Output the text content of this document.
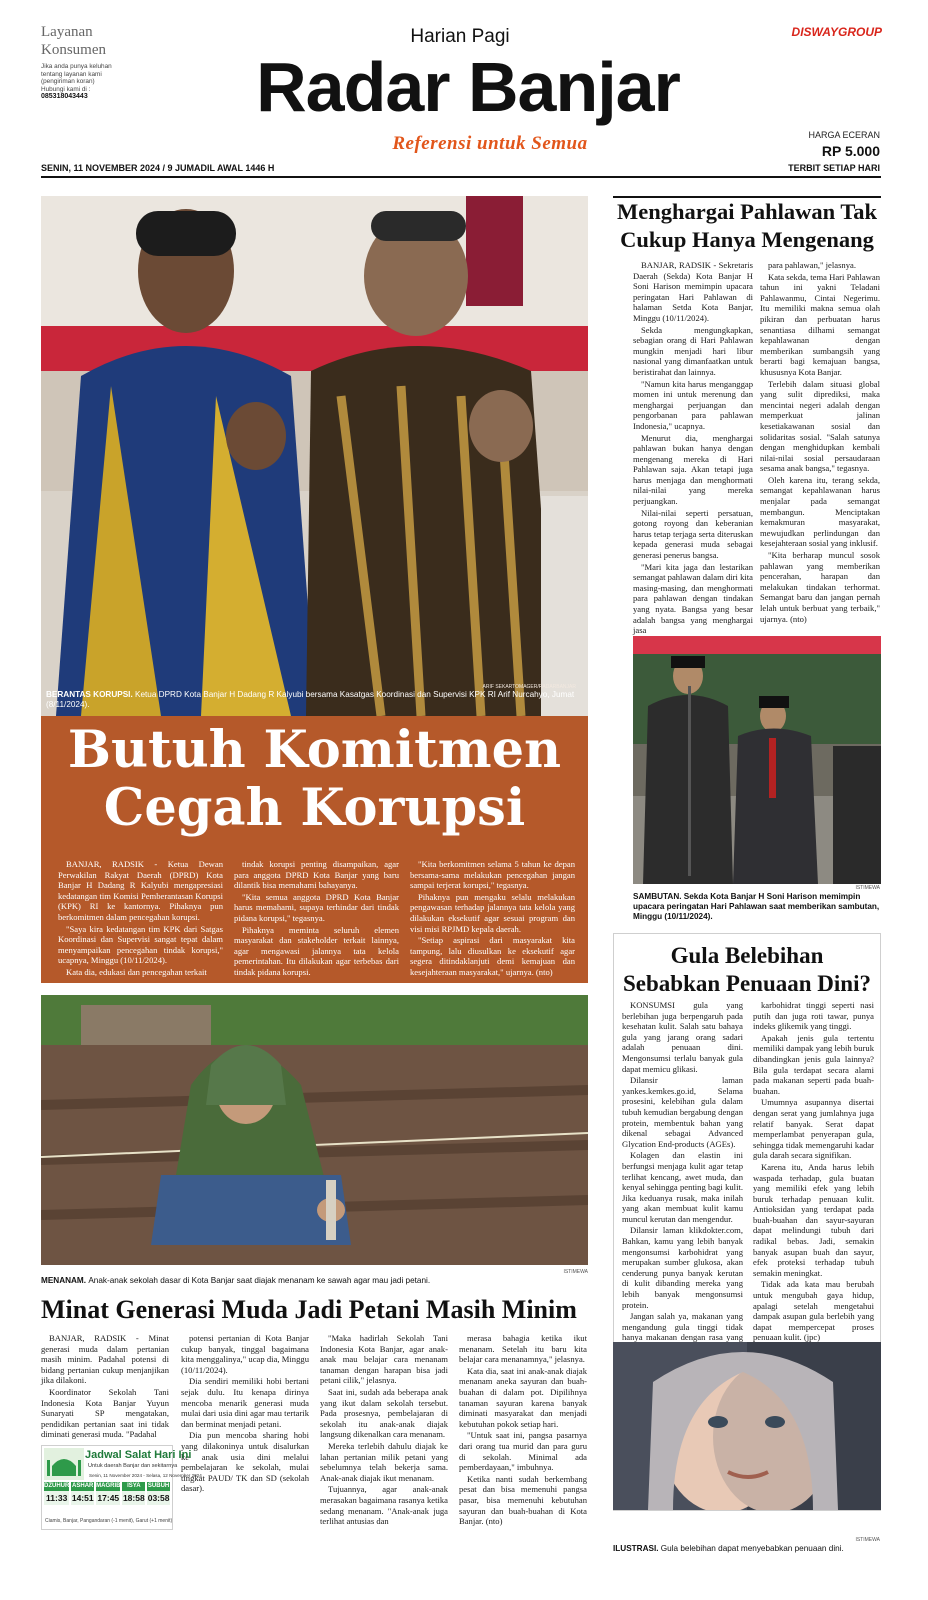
Layanan Konsumen
Jika anda punya keluhan tentang layanan kami (pengiriman koran)
Hubungi kami di :
085318043443
Harian Pagi
Radar Banjar
Referensi untuk Semua
DISWAYGROUP
HARGA ECERAN
RP 5.000
SENIN, 11 NOVEMBER 2024 / 9 JUMADIL AWAL 1446 H	TERBIT SETIAP HARI
ARIF SEKARTOMAGER/RADARBANJAR
BERANTAS KORUPSI. Ketua DPRD Kota Banjar H Dadang R Kalyubi bersama Kasatgas Koordinasi dan Supervisi KPK RI Arif Nurcahyo, Jumat (8/11/2024).
Butuh Komitmen
Cegah Korupsi

BANJAR, RADSIK - Ketua Dewan Perwakilan Rakyat Daerah (DPRD) Kota Banjar H Dadang R Kalyubi mengapresiasi kedatangan tim Komisi Pemberantasan Korupsi (KPK) RI ke kantornya. Pihaknya pun berkomitmen dalam pencegahan korupsi.

"Saya kira kedatangan tim KPK dari Satgas Koordinasi dan Supervisi sangat tepat dalam menyampaikan pencegahan tindak korupsi," ucapnya, Minggu (10/11/2024).

Kata dia, edukasi dan pencegahan terkait

tindak korupsi penting disampaikan, agar para anggota DPRD Kota Banjar yang baru dilantik bisa memahami bahayanya.

"Kita semua anggota DPRD Kota Banjar harus memahami, supaya terhindar dari tindak pidana korupsi," tegasnya.

Pihaknya meminta seluruh elemen masyarakat dan stakeholder terkait lainnya, agar mengawasi jalannya tata kelola pemerintahan. Itu dilakukan agar terbebas dari tindak pidana korupsi.

"Kita berkomitmen selama 5 tahun ke depan bersama-sama melakukan pencegahan jangan sampai terjerat korupsi," tegasnya.

Pihaknya pun mengaku selalu melakukan pengawasan terhadap jalannya tata kelola yang dilakukan eksekutif agar sesuai program dan visi misi RPJMD kepala daerah.

"Setiap aspirasi dari masyarakat kita tampung, lalu diusulkan ke eksekutif agar segera ditindaklanjuti demi kemajuan dan kesejahteraan masyarakat," ujarnya. (nto)

Menghargai Pahlawan Tak
Cukup Hanya Mengenang

BANJAR, RADSIK - Sekretaris Daerah (Sekda) Kota Banjar H Soni Harison memimpin upacara peringatan Hari Pahlawan di halaman Setda Kota Banjar, Minggu (10/11/2024).

Sekda mengungkapkan, sebagian orang di Hari Pahlawan mungkin menjadi hari libur nasional yang dimanfaatkan untuk beristirahat dan lainnya.

"Namun kita harus menganggap momen ini untuk merenung dan menghargai perjuangan dan pengorbanan para pahlawan Indonesia," ucapnya.

Menurut dia, menghargai pahlawan bukan hanya dengan mengenang mereka di Hari Pahlawan saja. Akan tetapi juga harus menjaga dan menghormati nilai-nilai yang mereka perjuangkan.

Nilai-nilai seperti persatuan, gotong royong dan keberanian harus tetap terjaga serta diteruskan kepada generasi muda sebagai generasi penerus bangsa.

"Mari kita jaga dan lestarikan semangat pahlawan dalam diri kita masing-masing, dan menghormati para pahlawan dengan tindakan yang nyata. Bangsa yang besar adalah bangsa yang menghargai jasa

para pahlawan," jelasnya.

Kata sekda, tema Hari Pahlawan tahun ini yakni Teladani Pahlawanmu, Cintai Negerimu. Itu memiliki makna semua olah pikiran dan perbuatan harus senantiasa dilhami semangat kepahlawanan dengan memberikan sumbangsih yang berarti bagi kemajuan bangsa, khususnya Kota Banjar.

Terlebih dalam situasi global yang sulit diprediksi, maka mencintai negeri adalah dengan memperkuat jalinan kesetiakawanan sosial dan solidaritas sosial. "Salah satunya dengan menghidupkan kembali nilai-nilai sosial persaudaraan sesama anak bangsa," tegasnya.

Oleh karena itu, terang sekda, semangat kepahlawanan harus menjalar pada semangat membangun. Menciptakan kemakmuran masyarakat, mewujudkan perlindungan dan kesejahteraan sosial yang inklusif.

"Kita berharap muncul sosok pahlawan yang memberikan pencerahan, harapan dan melakukan tindakan terhormat. Semangat baru dan jangan pernah lelah untuk berbuat yang terbaik," ujarnya. (nto)

ISTIMEWA
SAMBUTAN. Sekda Kota Banjar H Soni Harison memimpin upacara peringatan Hari Pahlawan saat memberikan sambutan, Minggu (10/11/2024).
ISTIMEWA
MENANAM. Anak-anak sekolah dasar di Kota Banjar saat diajak menanam ke sawah agar mau jadi petani.
Minat Generasi Muda Jadi Petani Masih Minim

BANJAR, RADSIK - Minat generasi muda dalam pertanian masih minim. Padahal potensi di bidang pertanian cukup menjanjikan jika dilakoni.

Koordinator Sekolah Tani Indonesia Kota Banjar Yuyun Sunaryati SP mengatakan, pendidikan pertanian saat ini tidak diminati generasi muda. "Padahal

potensi pertanian di Kota Banjar cukup banyak, tinggal bagaimana kita menggalinya," ucap dia, Minggu (10/11/2024).

Dia sendiri memiliki hobi bertani sejak dulu. Itu kenapa dirinya mencoba menarik generasi muda mulai dari usia dini agar mau tertarik dan berminat menjadi petani.

Dia pun mencoba sharing hobi yang dilakoninya untuk disalurkan ke anak usia dini melalui pembelajaran ke sekolah, mulai tingkat PAUD/ TK dan SD (sekolah dasar).

"Maka hadirlah Sekolah Tani Indonesia Kota Banjar, agar anak-anak mau belajar cara menanam tanaman dengan harapan bisa jadi petani cilik," jelasnya.

Saat ini, sudah ada beberapa anak yang ikut dalam sekolah tersebut. Pada prosesnya, pembelajaran di sekolah itu anak-anak diajak langsung dikenalkan cara menanam.

Mereka terlebih dahulu diajak ke lahan pertanian milik petani yang sebelumnya telah bekerja sama. Anak-anak diajak ikut menanam.

Tujuannya, agar anak-anak merasakan bagaimana rasanya ketika sedang menanam. "Anak-anak juga terlihat antusias dan

merasa bahagia ketika ikut menanam. Setelah itu baru kita belajar cara menanamnya," jelasnya.

Kata dia, saat ini anak-anak diajak menanam aneka sayuran dan buah-buahan di dalam pot. Dipilihnya tanaman sayuran karena banyak diminati masyarakat dan menjadi kebutuhan pokok setiap hari.

"Untuk saat ini, pangsa pasarnya dari orang tua murid dan para guru di sekolah. Minimal ada pemberdayaan," imbuhnya.

Ketika nanti sudah berkembang pesat dan bisa memenuhi pangsa pasar, bisa memenuhi kebutuhan sayuran dan buah-buahan di Kota Banjar. (nto)

Jadwal Salat Hari Ini
Untuk daerah Banjar dan sekitarnya
Senin, 11 November 2024 - Selasa, 12 November 2024
DZUHUR
11:33
ASHAR
14:51
MAGRIB
17:45
ISYA
18:58
SUBUH
03:58
Ciamis, Banjar, Pangandaran (-1 menit), Garut (+1 menit)
Gula Belebihan
Sebabkan Penuaan Dini?

KONSUMSI gula yang berlebihan juga berpengaruh pada kesehatan kulit. Salah satu bahaya gula yang jarang orang sadari adalah penuaan dini. Mengonsumsi terlalu banyak gula dapat memicu glikasi.

Dilansir laman yankes.kemkes.go.id, Selama prosesini, kelebihan gula dalam tubuh kemudian bergabung dengan protein, membentuk bahan yang dikenal sebagai Advanced Glycation End-products (AGEs).

Kolagen dan elastin ini berfungsi menjaga kulit agar tetap terlihat kencang, awet muda, dan kenyal sehingga penting bagi kulit. Jika keduanya rusak, maka inilah yang akan membuat kulit kamu muncul kerutan dan mengendur.

Dilansir laman klikdokter.com, Bahkan, kamu yang lebih banyak mengonsumsi karbohidrat yang merupakan sumber glukosa, akan cenderung punya banyak kerutan di kulit dibanding mereka yang lebih banyak mengonsumsi protein.

Jangan salah ya, makanan yang mengandung gula tinggi tidak hanya makanan dengan rasa yang

karbohidrat tinggi seperti nasi putih dan juga roti tawar, punya indeks glikemik yang tinggi.

Apakah jenis gula tertentu memiliki dampak yang lebih buruk dibandingkan jenis gula lainnya? Bila gula terdapat secara alami pada makanan seperti pada buah-buahan.

Umumnya asupannya disertai dengan serat yang jumlahnya juga relatif banyak. Serat dapat memperlambat penyerapan gula, sehingga tidak memengaruhi kadar gula darah secara signifikan.

Karena itu, Anda harus lebih waspada terhadap, gula buatan yang memiliki efek yang lebih buruk terhadap penuaan kulit. Antioksidan yang terdapat pada buah-buahan dan sayur-sayuran dapat melindungi tubuh dari radikal bebas. Jadi, semakin banyak asupan buah dan sayur, efek proteksi terhadap tubuh semakin meningkat.

Tidak ada kata mau berubah untuk mengubah gaya hidup, apalagi setelah mengetahui dampak asupan gula berlebih yang dapat mempercepat proses penuaan kulit. (jpc)

ISTIMEWA
ILUSTRASI. Gula belebihan dapat menyebabkan penuaan dini.
